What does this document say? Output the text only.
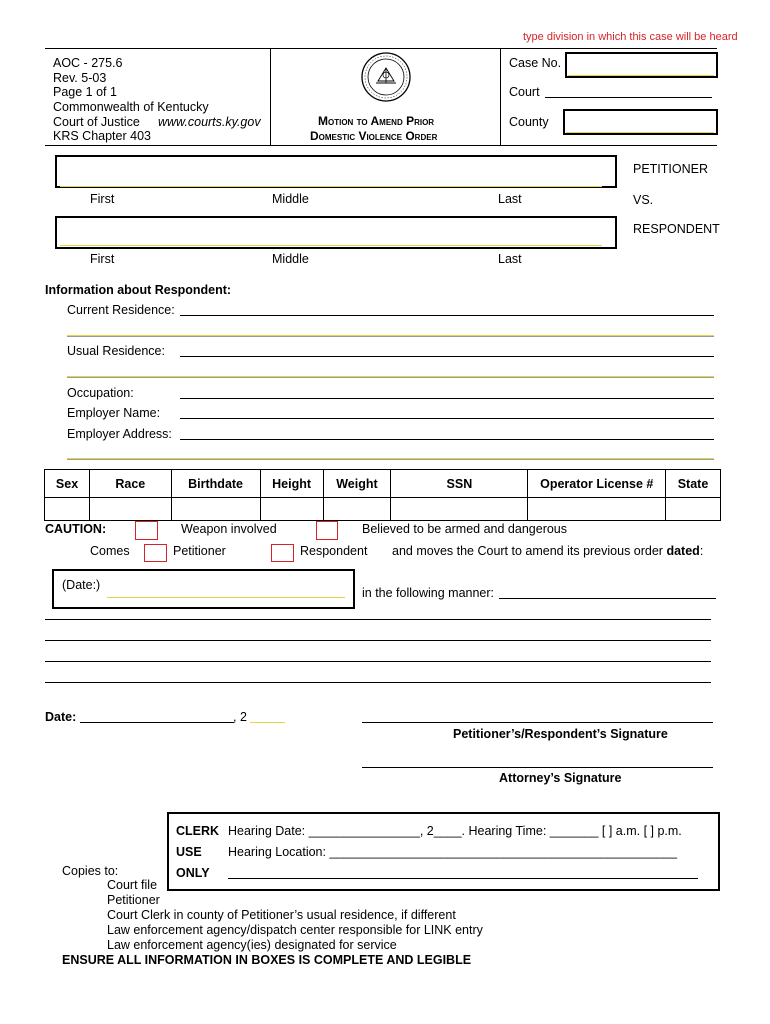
type division in which this case will be heard
AOC - 275.6
Rev. 5-03
Page 1 of 1
Commonwealth of Kentucky
Court of Justice www.courts.ky.gov
KRS Chapter 403
Motion to Amend Prior
Domestic Violence Order
Case No.
Court
County
PETITIONER
First	Middle	Last	VS.
RESPONDENT
First	Middle	Last
Information about Respondent:
Current Residence:
Usual Residence:
Occupation:
Employer Name:
Employer Address:
Sex	Race	Birthdate	Height	Weight	SSN	Operator License #	State

CAUTION:	Weapon involved	Believed to be armed and dangerous
Comes	Petitioner	Respondent and moves the Court to amend its previous order dated:
(Date:)
in the following manner:
Date:	, 2
Petitioner’s/Respondent’s Signature
Attorney’s Signature
CLERK
USE
ONLY
Hearing Date: ________________, 2____. Hearing Time: _______ [ ] a.m. [ ] p.m.
Hearing Location: __________________________________________________
Copies to:
Court file
Petitioner
Court Clerk in county of Petitioner’s usual residence, if different
Law enforcement agency/dispatch center responsible for LINK entry
Law enforcement agency(ies) designated for service
ENSURE ALL INFORMATION IN BOXES IS COMPLETE AND LEGIBLE
